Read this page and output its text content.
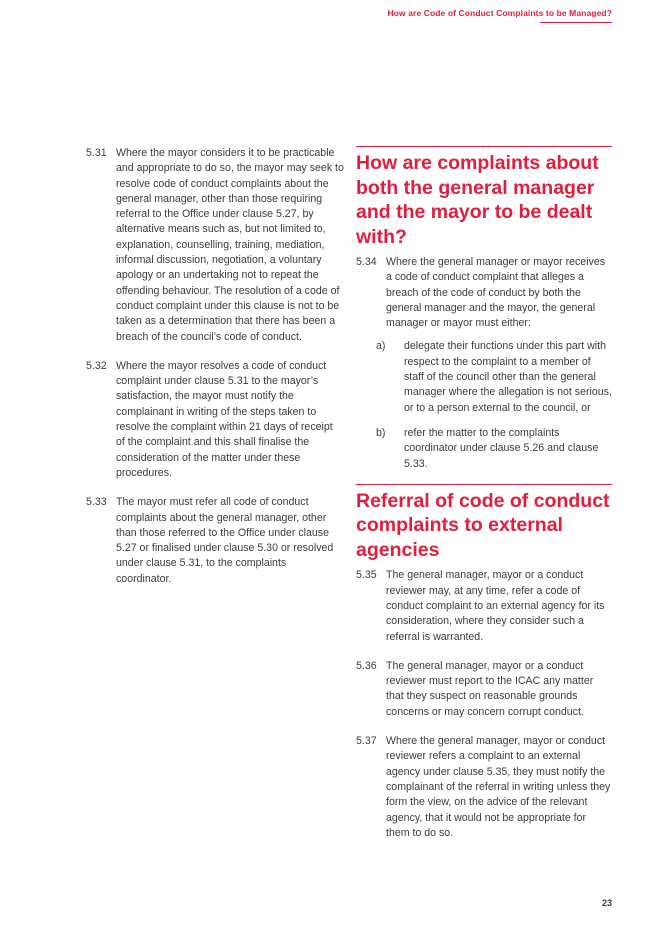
How are Code of Conduct Complaints to be Managed?
5.31 Where the mayor considers it to be practicable and appropriate to do so, the mayor may seek to resolve code of conduct complaints about the general manager, other than those requiring referral to the Office under clause 5.27, by alternative means such as, but not limited to, explanation, counselling, training, mediation, informal discussion, negotiation, a voluntary apology or an undertaking not to repeat the offending behaviour. The resolution of a code of conduct complaint under this clause is not to be taken as a determination that there has been a breach of the council’s code of conduct.
5.32 Where the mayor resolves a code of conduct complaint under clause 5.31 to the mayor’s satisfaction, the mayor must notify the complainant in writing of the steps taken to resolve the complaint within 21 days of receipt of the complaint and this shall finalise the consideration of the matter under these procedures.
5.33 The mayor must refer all code of conduct complaints about the general manager, other than those referred to the Office under clause 5.27 or finalised under clause 5.30 or resolved under clause 5.31, to the complaints coordinator.
How are complaints about both the general manager and the mayor to be dealt with?
5.34 Where the general manager or mayor receives a code of conduct complaint that alleges a breach of the code of conduct by both the general manager and the mayor, the general manager or mayor must either:
a)	delegate their functions under this part with respect to the complaint to a member of staff of the council other than the general manager where the allegation is not serious, or to a person external to the council, or
b)	refer the matter to the complaints coordinator under clause 5.26 and clause 5.33.
Referral of code of conduct complaints to external agencies
5.35 The general manager, mayor or a conduct reviewer may, at any time, refer a code of conduct complaint to an external agency for its consideration, where they consider such a referral is warranted.
5.36 The general manager, mayor or a conduct reviewer must report to the ICAC any matter that they suspect on reasonable grounds concerns or may concern corrupt conduct.
5.37 Where the general manager, mayor or conduct reviewer refers a complaint to an external agency under clause 5.35, they must notify the complainant of the referral in writing unless they form the view, on the advice of the relevant agency, that it would not be appropriate for them to do so.
23
